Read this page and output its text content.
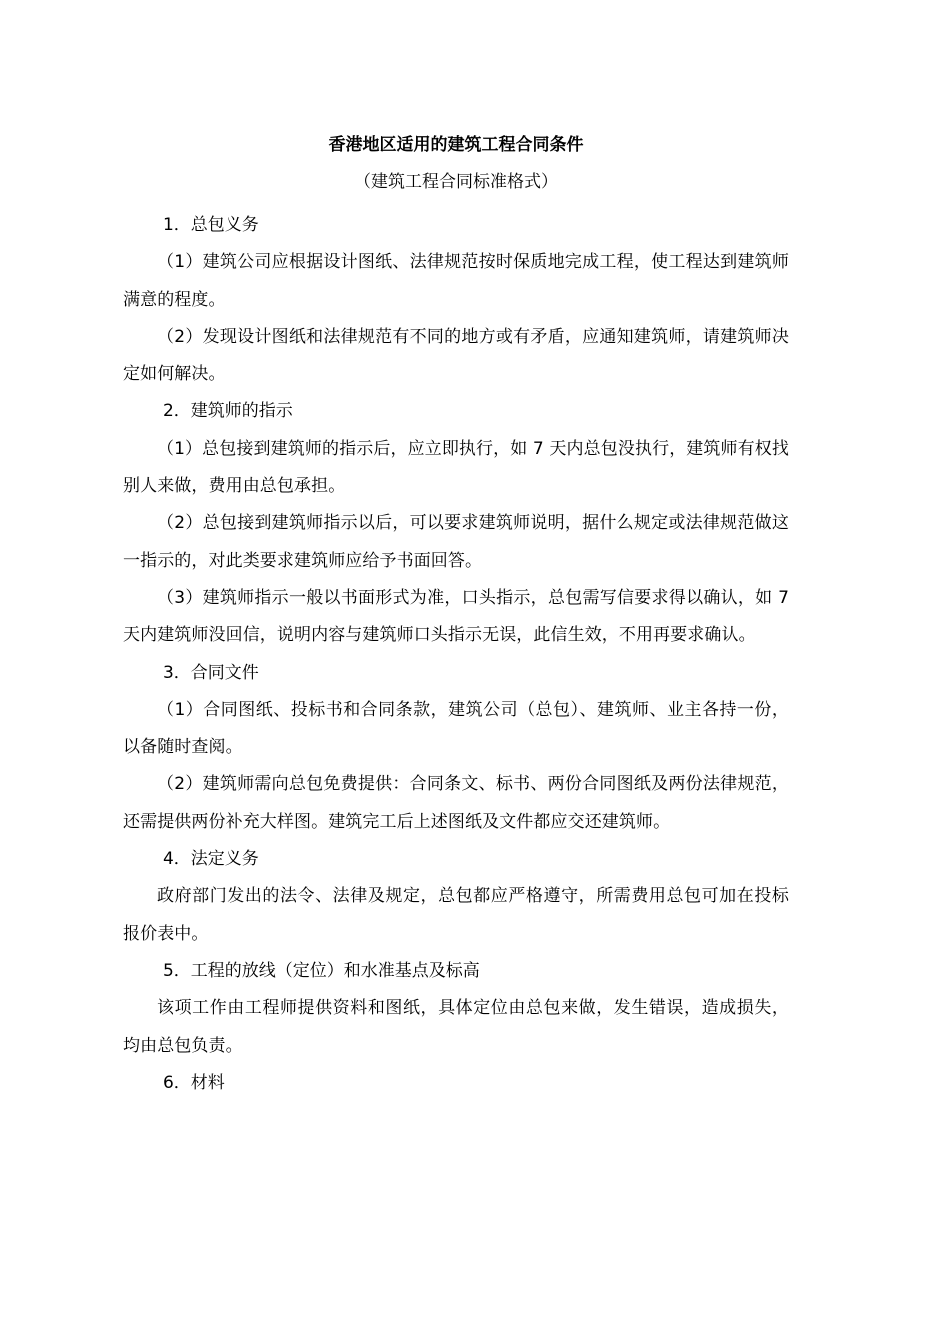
香港地区适用的建筑工程合同条件

（建筑工程合同标准格式）

1．总包义务

（1）建筑公司应根据设计图纸、法律规范按时保质地完成工程，使工程达到建筑师满意的程度。

（2）发现设计图纸和法律规范有不同的地方或有矛盾，应通知建筑师，请建筑师决定如何解决。

2．建筑师的指示

（1）总包接到建筑师的指示后，应立即执行，如 7 天内总包没执行，建筑师有权找别人来做，费用由总包承担。

（2）总包接到建筑师指示以后，可以要求建筑师说明，据什么规定或法律规范做这一指示的，对此类要求建筑师应给予书面回答。

（3）建筑师指示一般以书面形式为准，口头指示，总包需写信要求得以确认，如 7 天内建筑师没回信，说明内容与建筑师口头指示无误，此信生效，不用再要求确认。

3．合同文件

（1）合同图纸、投标书和合同条款，建筑公司（总包）、建筑师、业主各持一份，以备随时查阅。

（2）建筑师需向总包免费提供：合同条文、标书、两份合同图纸及两份法律规范，还需提供两份补充大样图。建筑完工后上述图纸及文件都应交还建筑师。

4．法定义务

政府部门发出的法令、法律及规定，总包都应严格遵守，所需费用总包可加在投标报价表中。

5．工程的放线（定位）和水准基点及标高

该项工作由工程师提供资料和图纸，具体定位由总包来做，发生错误，造成损失，均由总包负责。

6．材料
